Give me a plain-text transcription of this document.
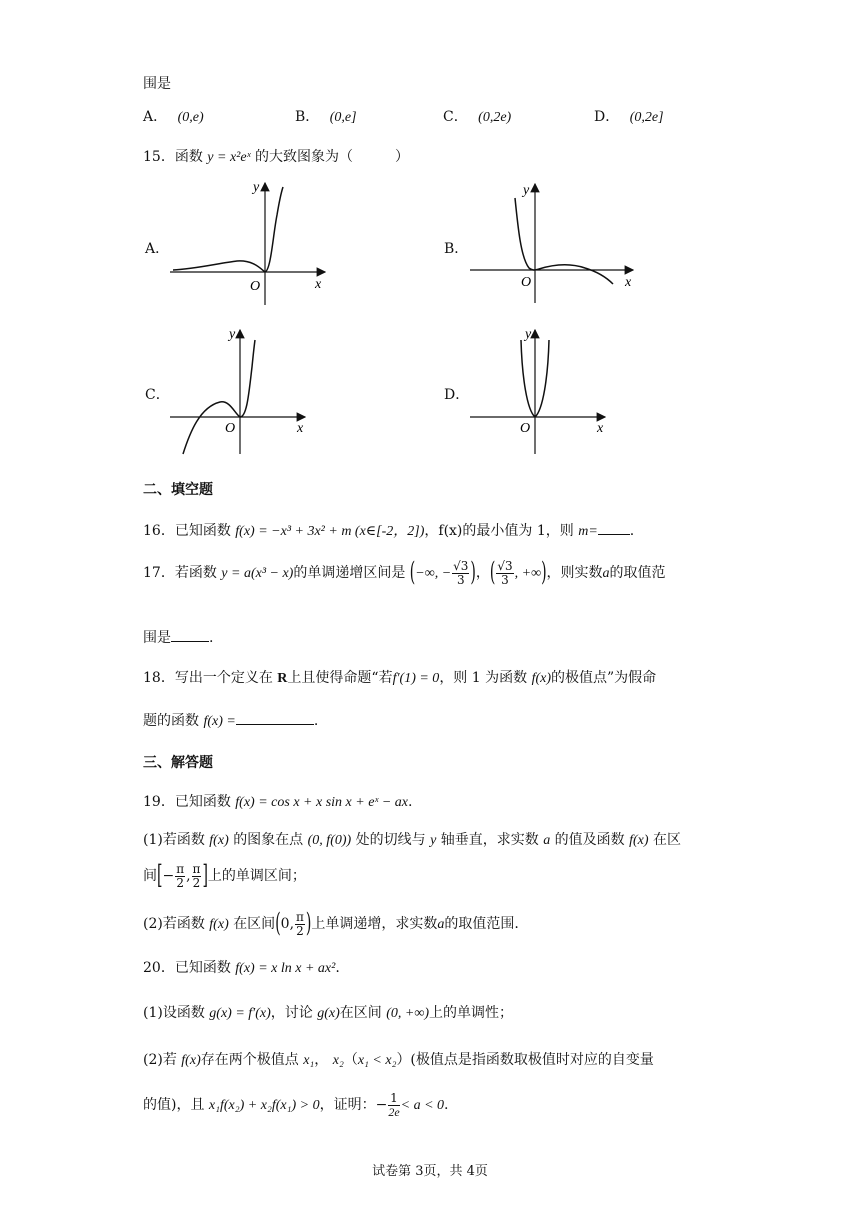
围是
A． (0,e)	B． (0,e]	C． (0,2e)	D． (0,2e]
15．函数 y = x²eˣ 的大致图象为（　　　）
A．	B．
C．	D．
O	x
y
O	x
y
O	x
y
O	x
y
二、填空题
16．已知函数 f(x) = −x³ + 3x² + m (x∈[-2，2])，f(x)的最小值为 1，则 m= .
17．若函数 y = a(x³ − x)的单调递增区间是 (−∞, − $\frac{√3}{3}$ )，( $\frac{√3}{3}$ , +∞)，则实数a的取值范
围是	.
18．写出一个定义在 R上且使得命题“若f′(1) = 0，则 1 为函数 f(x)的极值点”为假命
题的函数 f(x) =	.
三、解答题
19．已知函数 f(x) = cos x + x sin x + eˣ − ax.
(1)若函数 f(x) 的图象在点 (0, f(0)) 处的切线与 y 轴垂直，求实数 a 的值及函数 f(x) 在区
间[− $\frac{\pi}{2}$ , $\frac{\pi}{2}$ ]上的单调区间；
(2)若函数 f(x) 在区间(0, $\frac{\pi}{2}$ )上单调递增，求实数a的取值范围.
20．已知函数 f(x) = x ln x + ax².
(1)设函数 g(x) = f′(x)，讨论 g(x)在区间 (0, +∞)上的单调性；
(2)若 f(x)存在两个极值点 x₁， x₂（x₁ < x₂）(极值点是指函数取极值时对应的自变量
的值)，且 x₁f(x₂) + x₂f(x₁) > 0，证明：− $\frac{1}{2e} < a < 0$.
试卷第 3页，共 4页
